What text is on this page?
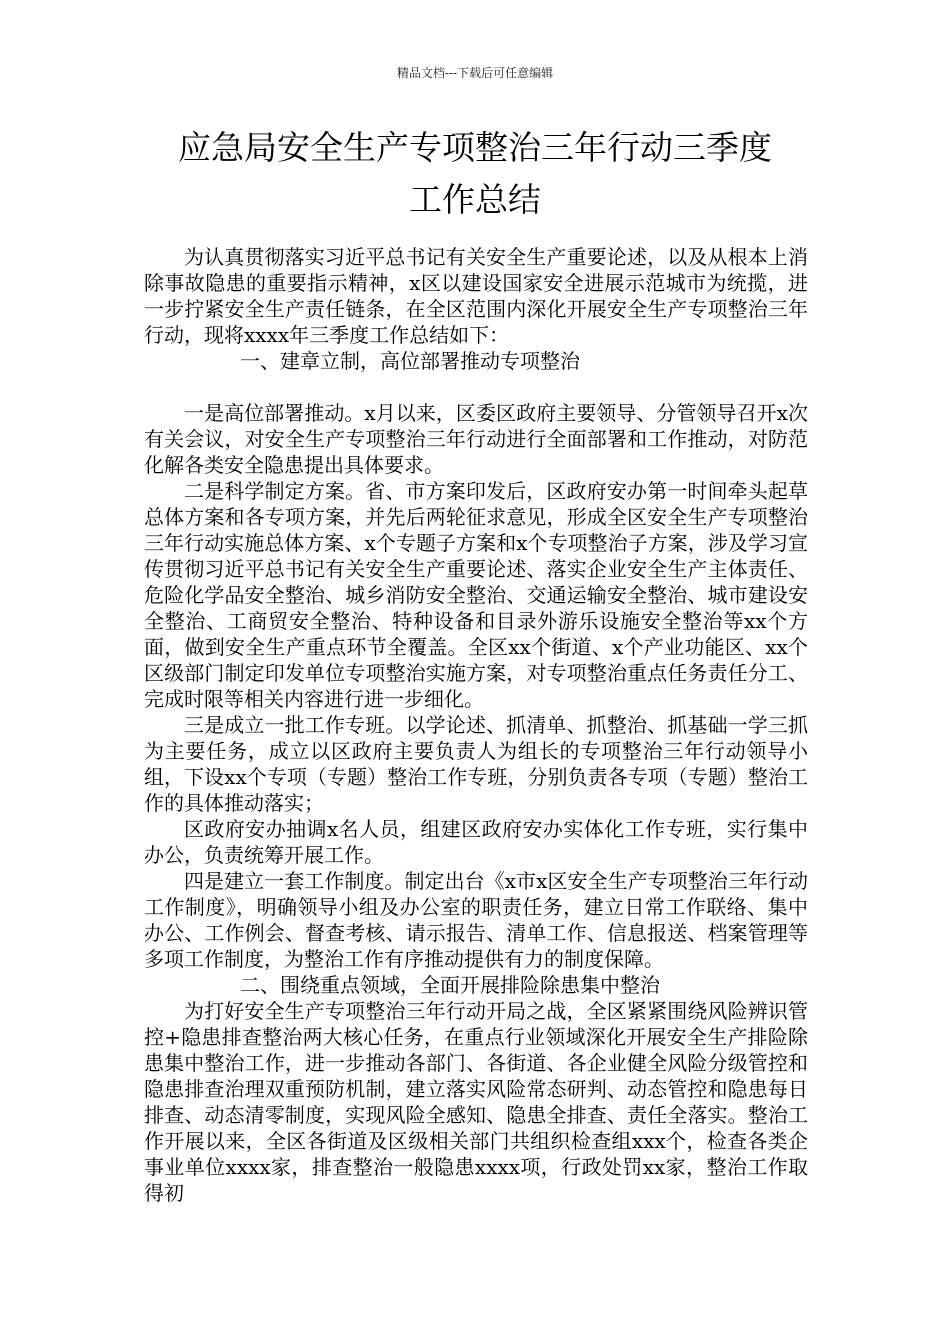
精品文档---下载后可任意编辑
应急局安全生产专项整治三年行动三季度
工作总结

为认真贯彻落实习近平总书记有关安全生产重要论述，以及从根本上消除事故隐患的重要指示精神，x区以建设国家安全进展示范城市为统揽，进一步拧紧安全生产责任链条，在全区范围内深化开展安全生产专项整治三年行动，现将xxxx年三季度工作总结如下：

一、建章立制，高位部署推动专项整治

一是高位部署推动。x月以来，区委区政府主要领导、分管领导召开x次有关会议，对安全生产专项整治三年行动进行全面部署和工作推动，对防范化解各类安全隐患提出具体要求。

二是科学制定方案。省、市方案印发后，区政府安办第一时间牵头起草总体方案和各专项方案，并先后两轮征求意见，形成全区安全生产专项整治三年行动实施总体方案、x个专题子方案和x个专项整治子方案，涉及学习宣传贯彻习近平总书记有关安全生产重要论述、落实企业安全生产主体责任、危险化学品安全整治、城乡消防安全整治、交通运输安全整治、城市建设安全整治、工商贸安全整治、特种设备和目录外游乐设施安全整治等xx个方面，做到安全生产重点环节全覆盖。全区xx个街道、x个产业功能区、xx个区级部门制定印发单位专项整治实施方案，对专项整治重点任务责任分工、完成时限等相关内容进行进一步细化。

三是成立一批工作专班。以学论述、抓清单、抓整治、抓基础一学三抓为主要任务，成立以区政府主要负责人为组长的专项整治三年行动领导小组，下设xx个专项（专题）整治工作专班，分别负责各专项（专题）整治工作的具体推动落实；

区政府安办抽调x名人员，组建区政府安办实体化工作专班，实行集中办公，负责统筹开展工作。

四是建立一套工作制度。制定出台《x市x区安全生产专项整治三年行动工作制度》，明确领导小组及办公室的职责任务，建立日常工作联络、集中办公、工作例会、督查考核、请示报告、清单工作、信息报送、档案管理等多项工作制度，为整治工作有序推动提供有力的制度保障。

二、围绕重点领域，全面开展排险除患集中整治

为打好安全生产专项整治三年行动开局之战，全区紧紧围绕风险辨识管控+隐患排查整治两大核心任务，在重点行业领域深化开展安全生产排险除患集中整治工作，进一步推动各部门、各街道、各企业健全风险分级管控和隐患排查治理双重预防机制，建立落实风险常态研判、动态管控和隐患每日排查、动态清零制度，实现风险全感知、隐患全排查、责任全落实。整治工作开展以来，全区各街道及区级相关部门共组织检查组xxx个，检查各类企事业单位xxxx家，排查整治一般隐患xxxx项，行政处罚xx家，整治工作取得初
